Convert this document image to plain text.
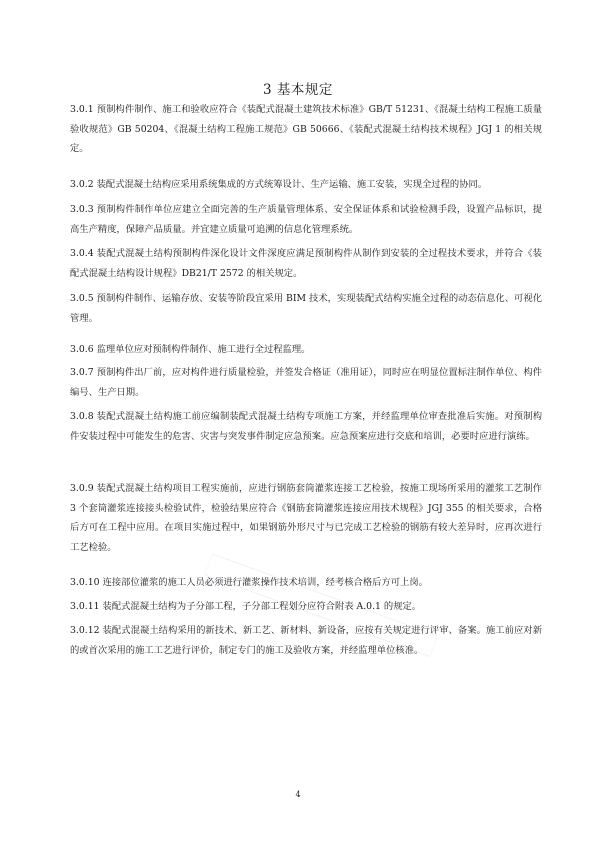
3 基本规定

3.0.1 预制构件制作、施工和验收应符合《装配式混凝土建筑技术标准》GB/T 51231、《混凝土结构工程施工质量验收规范》GB 50204、《混凝土结构工程施工规范》GB 50666、《装配式混凝土结构技术规程》JGJ 1 的相关规定。

3.0.2 装配式混凝土结构应采用系统集成的方式统筹设计、生产运输、施工安装，实现全过程的协同。

3.0.3 预制构件制作单位应建立全面完善的生产质量管理体系、安全保证体系和试验检测手段，设置产品标识，提高生产精度，保障产品质量。并宜建立质量可追溯的信息化管理系统。

3.0.4 装配式混凝土结构预制构件深化设计文件深度应满足预制构件从制作到安装的全过程技术要求，并符合《装配式混凝土结构设计规程》DB21/T 2572 的相关规定。

3.0.5 预制构件制作、运输存放、安装等阶段宜采用 BIM 技术，实现装配式结构实施全过程的动态信息化、可视化管理。

3.0.6 监理单位应对预制构件制作、施工进行全过程监理。

3.0.7 预制构件出厂前，应对构件进行质量检验，并签发合格证（准用证），同时应在明显位置标注制作单位、构件编号、生产日期。

3.0.8 装配式混凝土结构施工前应编制装配式混凝土结构专项施工方案，并经监理单位审查批准后实施。对预制构件安装过程中可能发生的危害、灾害与突发事件制定应急预案。应急预案应进行交底和培训，必要时应进行演练。

3.0.9 装配式混凝土结构项目工程实施前，应进行钢筋套筒灌浆连接工艺检验，按施工现场所采用的灌浆工艺制作 3 个套筒灌浆连接接头检验试件，检验结果应符合《钢筋套筒灌浆连接应用技术规程》JGJ 355 的相关要求，合格后方可在工程中应用。在项目实施过程中，如果钢筋外形尺寸与已完成工艺检验的钢筋有较大差异时，应再次进行工艺检验。

3.0.10 连接部位灌浆的施工人员必须进行灌浆操作技术培训，经考核合格后方可上岗。

3.0.11 装配式混凝土结构为子分部工程，子分部工程划分应符合附表 A.0.1 的规定。

3.0.12 装配式混凝土结构采用的新技术、新工艺、新材料、新设备，应按有关规定进行评审、备案。施工前应对新的或首次采用的施工工艺进行评价，制定专门的施工及验收方案，并经监理单位核准。

4
